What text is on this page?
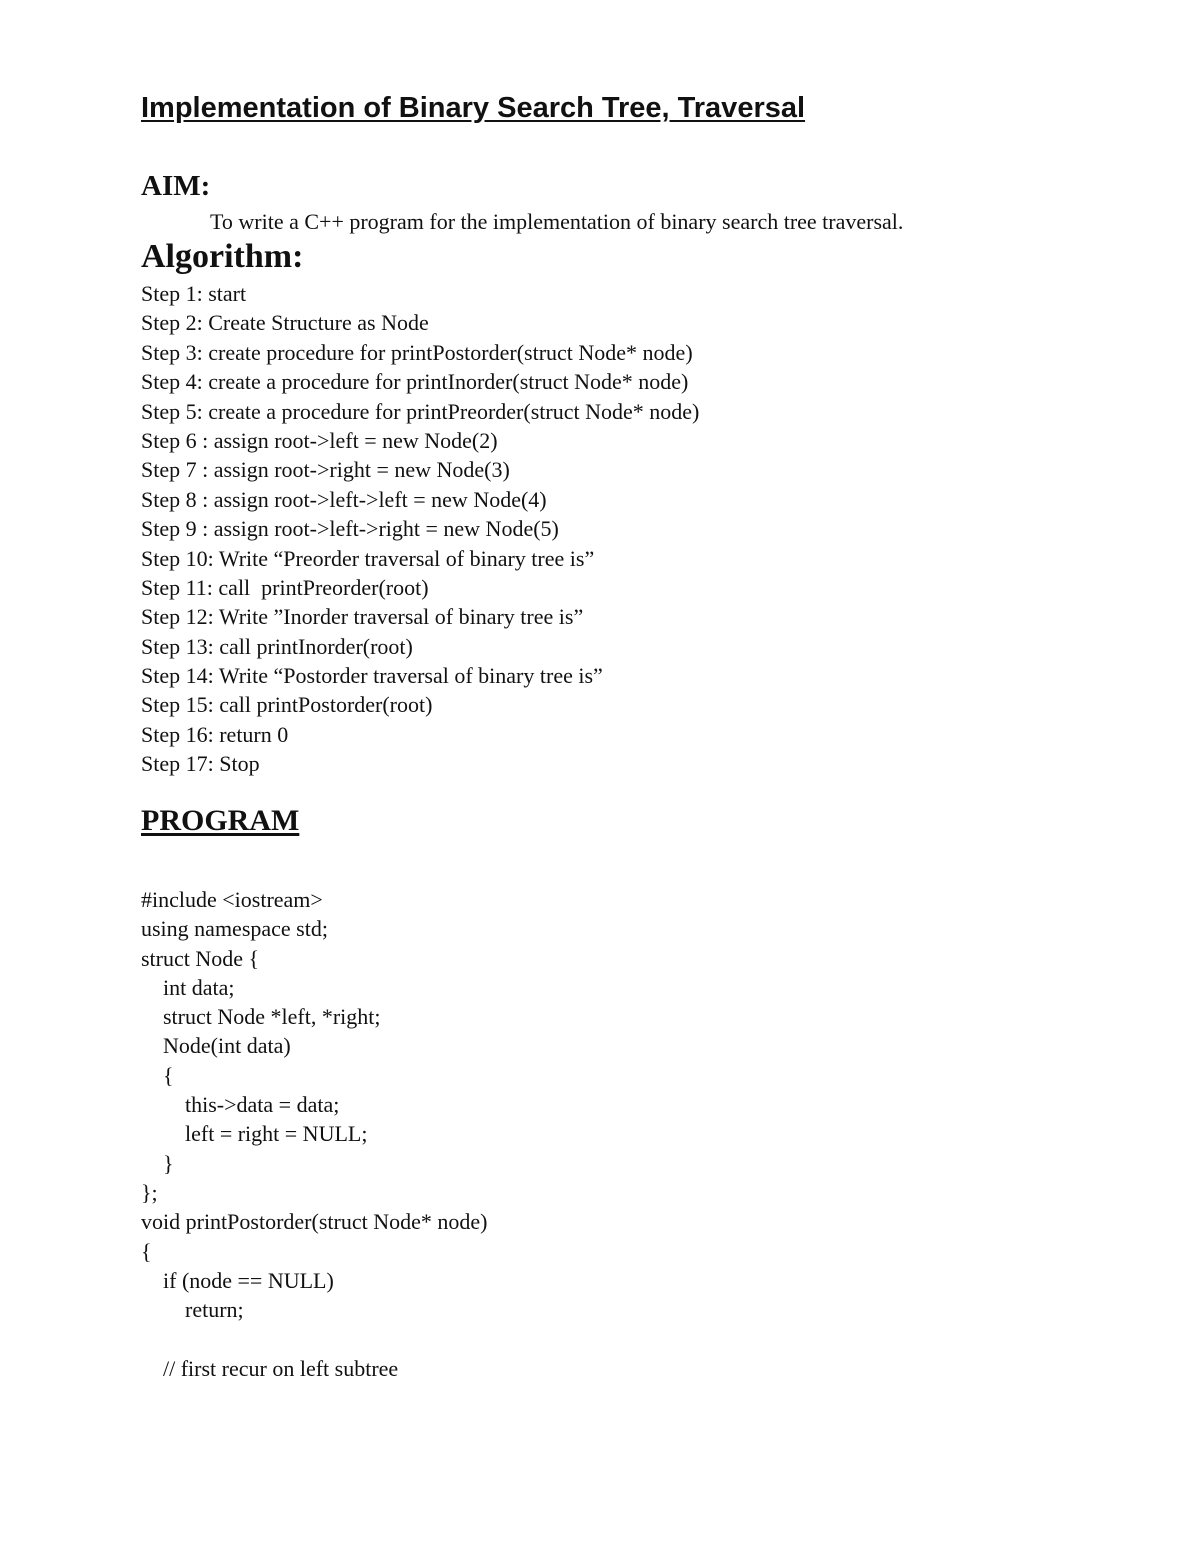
Implementation of Binary Search Tree, Traversal
AIM:

To write a C++ program for the implementation of binary search tree traversal.

Algorithm:
Step 1: start
Step 2: Create Structure as Node
Step 3: create procedure for printPostorder(struct Node* node)
Step 4: create a procedure for printInorder(struct Node* node)
Step 5: create a procedure for printPreorder(struct Node* node)
Step 6 : assign root->left = new Node(2)
Step 7 : assign root->right = new Node(3)
Step 8 : assign root->left->left = new Node(4)
Step 9 : assign root->left->right = new Node(5)
Step 10: Write “Preorder traversal of binary tree is”
Step 11: call  printPreorder(root)
Step 12: Write ”Inorder traversal of binary tree is”
Step 13: call printInorder(root)
Step 14: Write “Postorder traversal of binary tree is”
Step 15: call printPostorder(root)
Step 16: return 0
Step 17: Stop
PROGRAM
#include <iostream>
using namespace std;
struct Node {
int data;
struct Node *left, *right;
Node(int data)
{
this->data = data;
left = right = NULL;
}
};
void printPostorder(struct Node* node)
{
if (node == NULL)
return;
// first recur on left subtree
